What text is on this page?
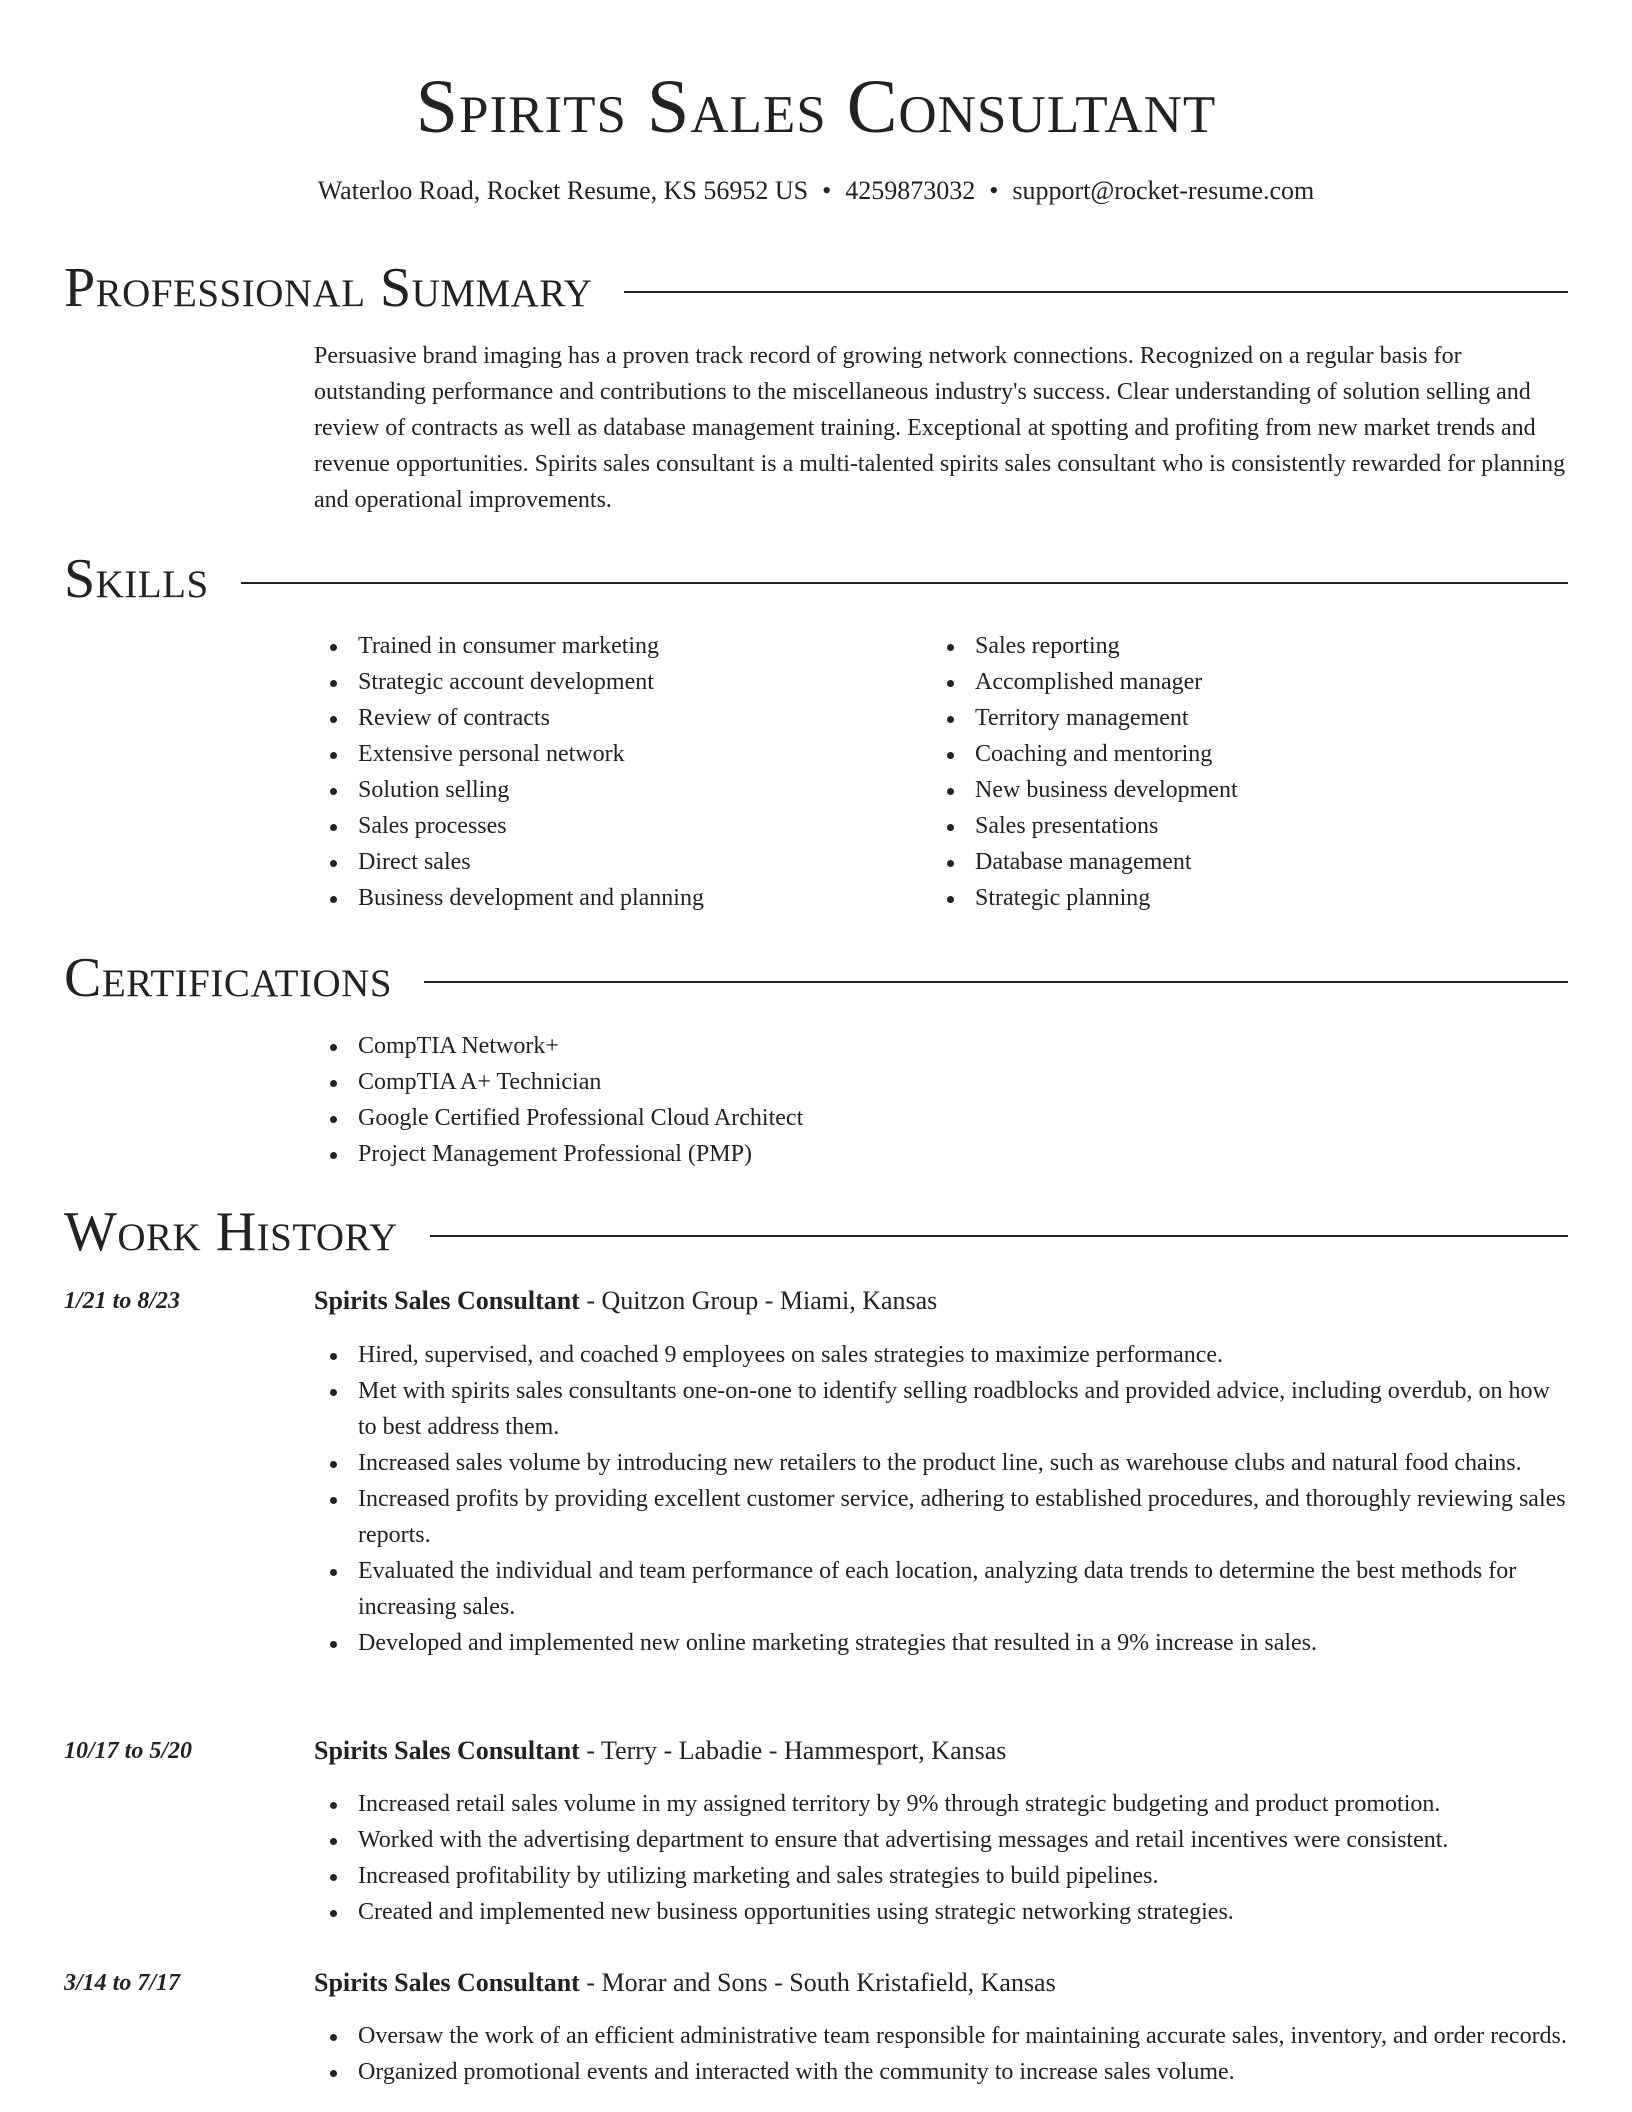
Spirits Sales Consultant
Waterloo Road, Rocket Resume, KS 56952 US • 4259873032 • support@rocket-resume.com
Professional Summary

Persuasive brand imaging has a proven track record of growing network connections. Recognized on a regular basis for outstanding performance and contributions to the miscellaneous industry's success. Clear understanding of solution selling and review of contracts as well as database management training. Exceptional at spotting and profiting from new market trends and revenue opportunities. Spirits sales consultant is a multi-talented spirits sales consultant who is consistently rewarded for planning and operational improvements.

Skills
Trained in consumer marketing
Strategic account development
Review of contracts
Extensive personal network
Solution selling
Sales processes
Direct sales
Business development and planning
Sales reporting
Accomplished manager
Territory management
Coaching and mentoring
New business development
Sales presentations
Database management
Strategic planning
Certifications
CompTIA Network+
CompTIA A+ Technician
Google Certified Professional Cloud Architect
Project Management Professional (PMP)
Work History
1/21 to 8/23	Spirits Sales Consultant - Quitzon Group - Miami, Kansas
Hired, supervised, and coached 9 employees on sales strategies to maximize performance.
Met with spirits sales consultants one-on-one to identify selling roadblocks and provided advice, including overdub, on how to best address them.
Increased sales volume by introducing new retailers to the product line, such as warehouse clubs and natural food chains.
Increased profits by providing excellent customer service, adhering to established procedures, and thoroughly reviewing sales reports.
Evaluated the individual and team performance of each location, analyzing data trends to determine the best methods for increasing sales.
Developed and implemented new online marketing strategies that resulted in a 9% increase in sales.
10/17 to 5/20	Spirits Sales Consultant - Terry - Labadie - Hammesport, Kansas
Increased retail sales volume in my assigned territory by 9% through strategic budgeting and product promotion.
Worked with the advertising department to ensure that advertising messages and retail incentives were consistent.
Increased profitability by utilizing marketing and sales strategies to build pipelines.
Created and implemented new business opportunities using strategic networking strategies.
3/14 to 7/17	Spirits Sales Consultant - Morar and Sons - South Kristafield, Kansas
Oversaw the work of an efficient administrative team responsible for maintaining accurate sales, inventory, and order records.
Organized promotional events and interacted with the community to increase sales volume.
